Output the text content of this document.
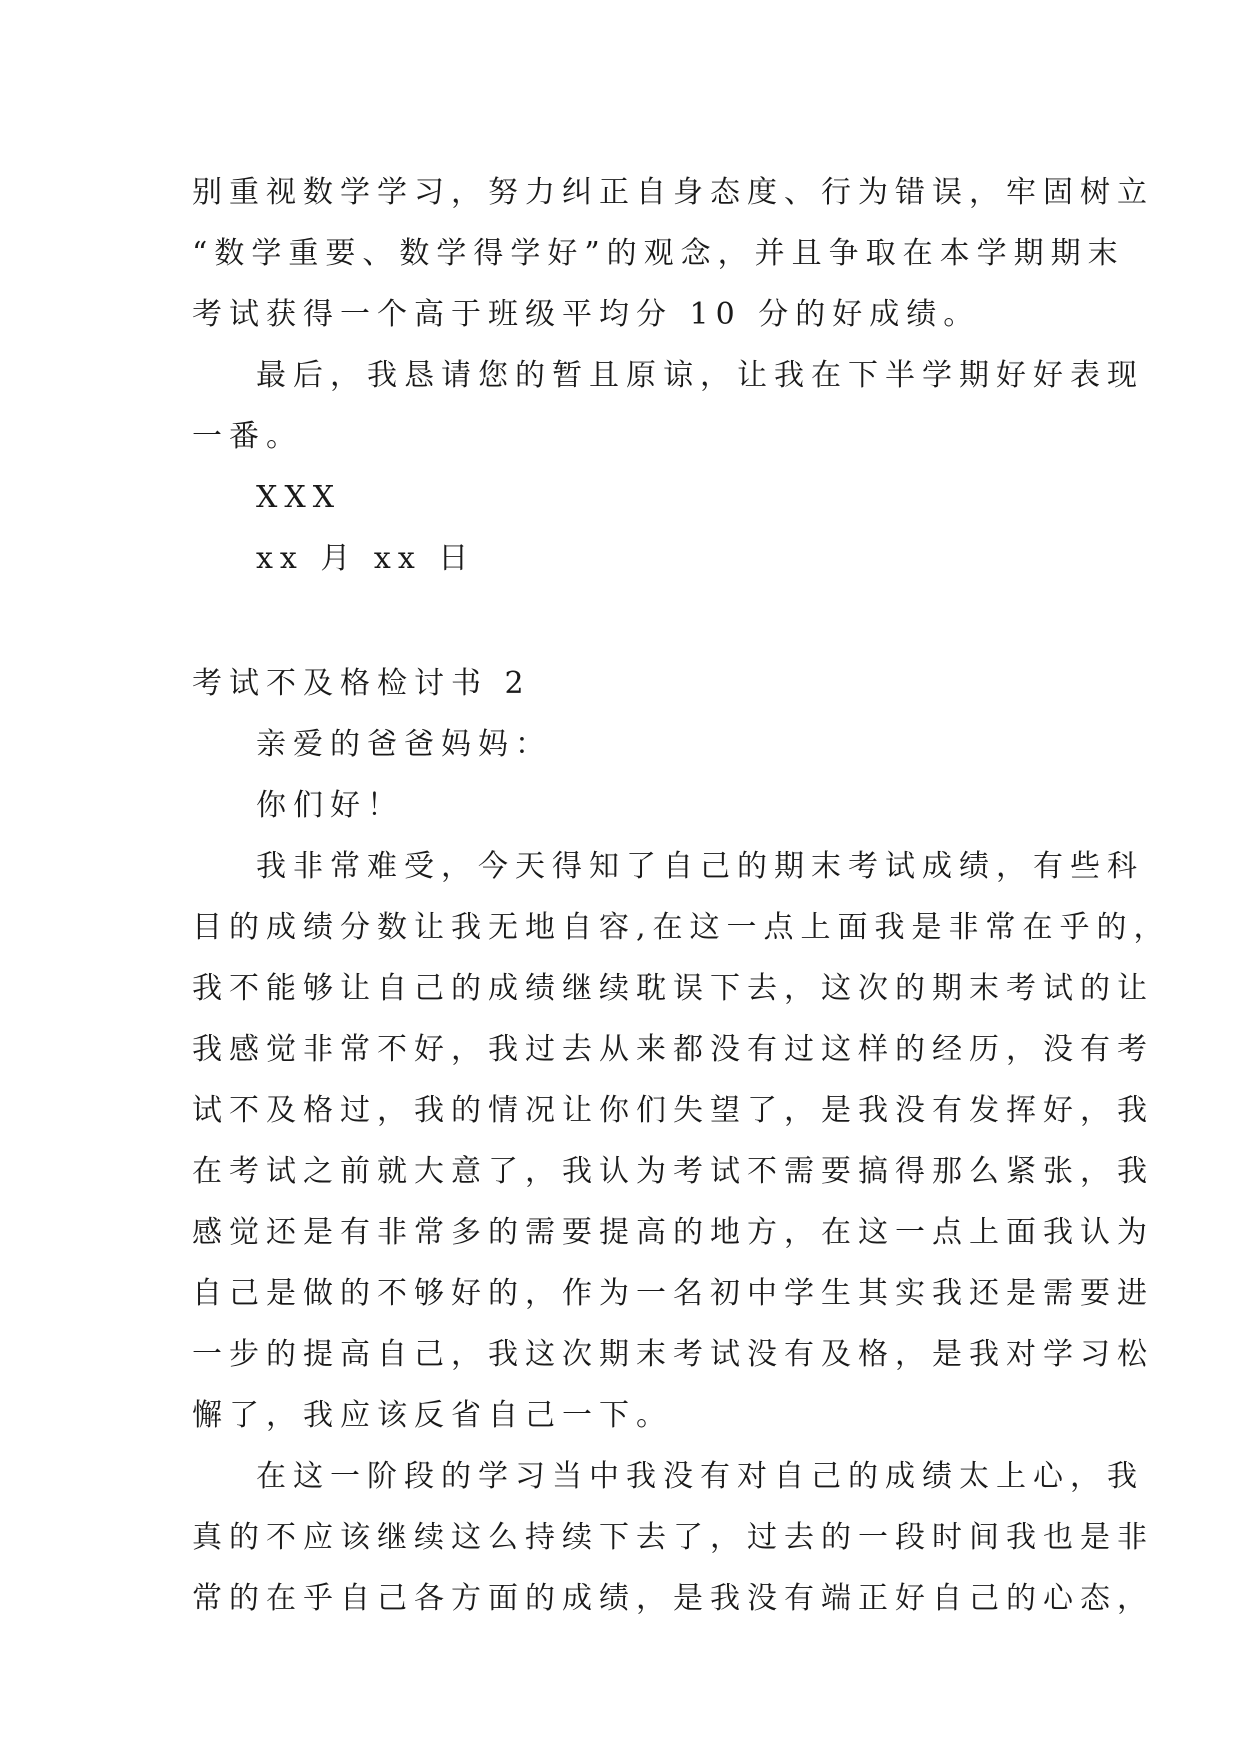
别重视数学学习，努力纠正自身态度、行为错误，牢固树立
“数学重要、数学得学好”的观念，并且争取在本学期期末
考试获得一个高于班级平均分 10 分的好成绩。

最后，我恳请您的暂且原谅，让我在下半学期好好表现
一番。

XXX

xx 月 xx 日

考试不及格检讨书 2

亲爱的爸爸妈妈：

你们好！

我非常难受，今天得知了自己的期末考试成绩，有些科
目的成绩分数让我无地自容,在这一点上面我是非常在乎的，
我不能够让自己的成绩继续耽误下去，这次的期末考试的让
我感觉非常不好，我过去从来都没有过这样的经历，没有考
试不及格过，我的情况让你们失望了，是我没有发挥好，我
在考试之前就大意了，我认为考试不需要搞得那么紧张，我
感觉还是有非常多的需要提高的地方，在这一点上面我认为
自己是做的不够好的，作为一名初中学生其实我还是需要进
一步的提高自己，我这次期末考试没有及格，是我对学习松
懈了，我应该反省自己一下。

在这一阶段的学习当中我没有对自己的成绩太上心，我
真的不应该继续这么持续下去了，过去的一段时间我也是非
常的在乎自己各方面的成绩，是我没有端正好自己的心态，
